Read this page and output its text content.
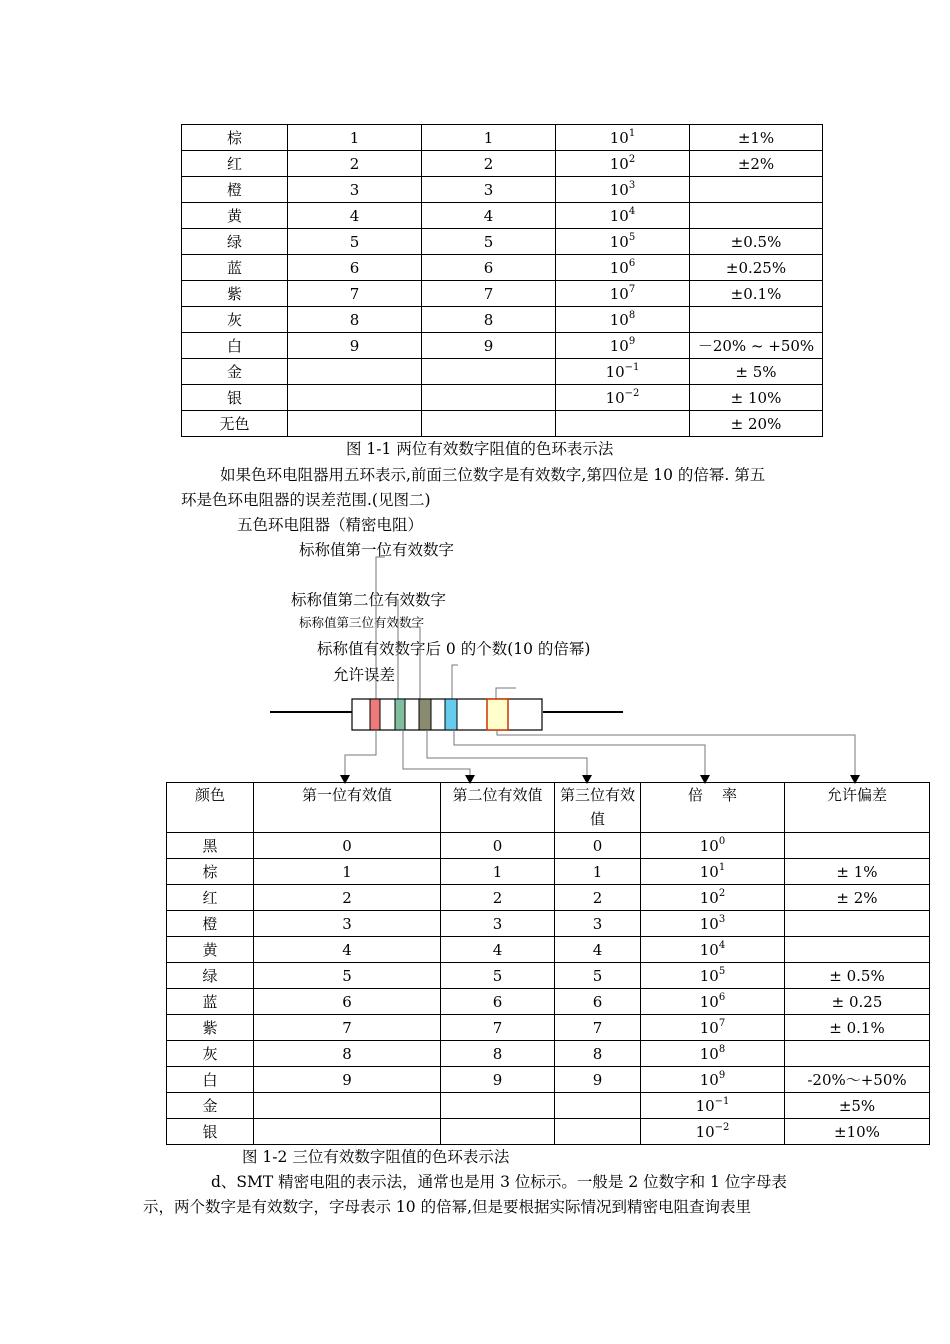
棕	1	1	$10^1$	±1%
红	2	2	$10^2$	±2%
橙	3	3	$10^3$	
黄	4	4	$10^4$	
绿	5	5	$10^5$	±0.5%
蓝	6	6	$10^6$	±0.25%
紫	7	7	$10^7$	±0.1%
灰	8	8	$10^8$	
白	9	9	$10^9$	－20% ~ +50%
金			$10^{-1}$	± 5%
银			$10^{-2}$	± 10%
无色				± 20%
图 1-1 两位有效数字阻值的色环表示法
如果色环电阻器用五环表示,前面三位数字是有效数字,第四位是 10 的倍幂. 第五
环是色环电阻器的误差范围.(见图二)
五色环电阻器（精密电阻）
标称值第一位有效数字
标称值第二位有效数字
标称值第三位有效数字
标称值有效数字后 0 的个数(10 的倍幂)
允许误差
颜色	第一位有效值	第二位有效值	第三位有效值	倍    率	允许偏差
黑	0	0	0	$10^0$	
棕	1	1	1	$10^1$	± 1%
红	2	2	2	$10^2$	± 2%
橙	3	3	3	$10^3$	
黄	4	4	4	$10^4$	
绿	5	5	5	$10^5$	± 0.5%
蓝	6	6	6	$10^6$	± 0.25
紫	7	7	7	$10^7$	± 0.1%
灰	8	8	8	$10^8$	
白	9	9	9	$10^9$	-20%～+50%
金				$10^{-1}$	±5%
银				$10^{-2}$	±10%
图 1-2 三位有效数字阻值的色环表示法
d、SMT 精密电阻的表示法，通常也是用 3 位标示。一般是 2 位数字和 1 位字母表
示，两个数字是有效数字，字母表示 10 的倍幂,但是要根据实际情况到精密电阻查询表里
